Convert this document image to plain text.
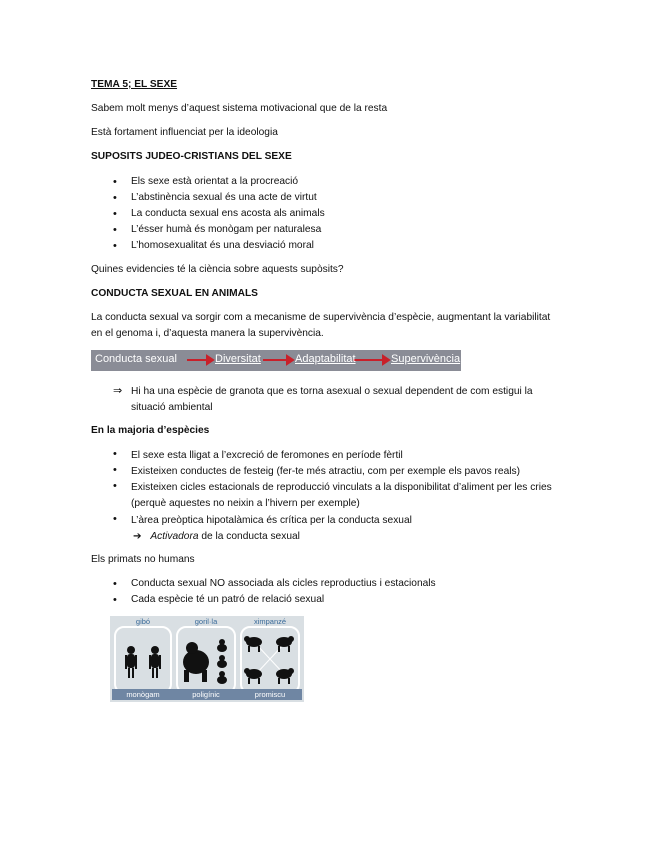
TEMA 5; EL SEXE
Sabem molt menys d’aquest sistema motivacional que de la resta
Està fortament influenciat per la ideologia
SUPOSITS JUDEO-CRISTIANS DEL SEXE
• Els sexe està orientat a la procreació
• L’abstinència sexual és una acte de virtut
• La conducta sexual ens acosta als animals
• L’ésser humà és monògam per naturalesa
• L’homosexualitat és una desviació moral
Quines evidencies té la ciència sobre aquests supòsits?
CONDUCTA SEXUAL EN ANIMALS
La conducta sexual va sorgir com a mecanisme de supervivència d’espècie, augmentant la variabilitat en el genoma i, d’aquesta manera la supervivència.
Conducta sexual	Diversitat	Adaptabilitat	Supervivència
⇒ Hi ha una espècie de granota que es torna asexual o sexual dependent de com estigui la situació ambiental
En la majoria d’espècies
• El sexe esta lligat a l’excreció de feromones en període fèrtil
• Existeixen conductes de festeig (fer-te més atractiu, com per exemple els pavos reals)
• Existeixen cicles estacionals de reproducció vinculats a la disponibilitat d’aliment per les cries (perquè aquestes no neixin a l’hivern per exemple)
• L’àrea preòptica hipotalàmica és crítica per la conducta sexual
➔ Activadora de la conducta sexual
Els primats no humans
• Conducta sexual NO associada als cicles reproductius i estacionals
• Cada espècie té un patró de relació sexual
gibó
monògam
goril·la
poligínic
ximpanzé
promiscu
